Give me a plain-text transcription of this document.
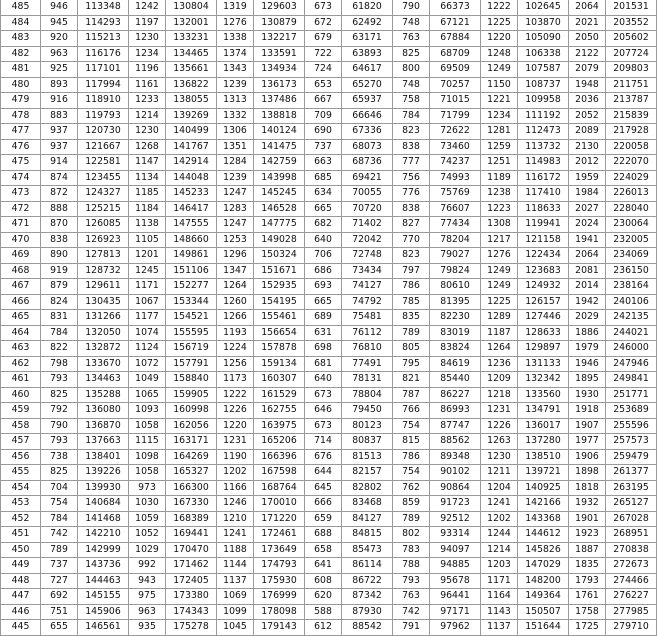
485	946	113348	1242	130804	1319	129603	673	61820	790	66373	1222	102645	2064	201531
484	945	114293	1197	132001	1276	130879	672	62492	748	67121	1225	103870	2021	203552
483	920	115213	1230	133231	1338	132217	679	63171	763	67884	1220	105090	2050	205602
482	963	116176	1234	134465	1374	133591	722	63893	825	68709	1248	106338	2122	207724
481	925	117101	1196	135661	1343	134934	724	64617	800	69509	1249	107587	2079	209803
480	893	117994	1161	136822	1239	136173	653	65270	748	70257	1150	108737	1948	211751
479	916	118910	1233	138055	1313	137486	667	65937	758	71015	1221	109958	2036	213787
478	883	119793	1214	139269	1332	138818	709	66646	784	71799	1234	111192	2052	215839
477	937	120730	1230	140499	1306	140124	690	67336	823	72622	1281	112473	2089	217928
476	937	121667	1268	141767	1351	141475	737	68073	838	73460	1259	113732	2130	220058
475	914	122581	1147	142914	1284	142759	663	68736	777	74237	1251	114983	2012	222070
474	874	123455	1134	144048	1239	143998	685	69421	756	74993	1189	116172	1959	224029
473	872	124327	1185	145233	1247	145245	634	70055	776	75769	1238	117410	1984	226013
472	888	125215	1184	146417	1283	146528	665	70720	838	76607	1223	118633	2027	228040
471	870	126085	1138	147555	1247	147775	682	71402	827	77434	1308	119941	2024	230064
470	838	126923	1105	148660	1253	149028	640	72042	770	78204	1217	121158	1941	232005
469	890	127813	1201	149861	1296	150324	706	72748	823	79027	1276	122434	2064	234069
468	919	128732	1245	151106	1347	151671	686	73434	797	79824	1249	123683	2081	236150
467	879	129611	1171	152277	1264	152935	693	74127	786	80610	1249	124932	2014	238164
466	824	130435	1067	153344	1260	154195	665	74792	785	81395	1225	126157	1942	240106
465	831	131266	1177	154521	1266	155461	689	75481	835	82230	1289	127446	2029	242135
464	784	132050	1074	155595	1193	156654	631	76112	789	83019	1187	128633	1886	244021
463	822	132872	1124	156719	1224	157878	698	76810	805	83824	1264	129897	1979	246000
462	798	133670	1072	157791	1256	159134	681	77491	795	84619	1236	131133	1946	247946
461	793	134463	1049	158840	1173	160307	640	78131	821	85440	1209	132342	1895	249841
460	825	135288	1065	159905	1222	161529	673	78804	787	86227	1218	133560	1930	251771
459	792	136080	1093	160998	1226	162755	646	79450	766	86993	1231	134791	1918	253689
458	790	136870	1058	162056	1220	163975	673	80123	754	87747	1226	136017	1907	255596
457	793	137663	1115	163171	1231	165206	714	80837	815	88562	1263	137280	1977	257573
456	738	138401	1098	164269	1190	166396	676	81513	786	89348	1230	138510	1906	259479
455	825	139226	1058	165327	1202	167598	644	82157	754	90102	1211	139721	1898	261377
454	704	139930	973	166300	1166	168764	645	82802	762	90864	1204	140925	1818	263195
453	754	140684	1030	167330	1246	170010	666	83468	859	91723	1241	142166	1932	265127
452	784	141468	1059	168389	1210	171220	659	84127	789	92512	1202	143368	1901	267028
451	742	142210	1052	169441	1241	172461	688	84815	802	93314	1244	144612	1923	268951
450	789	142999	1029	170470	1188	173649	658	85473	783	94097	1214	145826	1887	270838
449	737	143736	992	171462	1144	174793	641	86114	788	94885	1203	147029	1835	272673
448	727	144463	943	172405	1137	175930	608	86722	793	95678	1171	148200	1793	274466
447	692	145155	975	173380	1069	176999	620	87342	763	96441	1164	149364	1761	276227
446	751	145906	963	174343	1099	178098	588	87930	742	97171	1143	150507	1758	277985
445	655	146561	935	175278	1045	179143	612	88542	791	97962	1137	151644	1725	279710
